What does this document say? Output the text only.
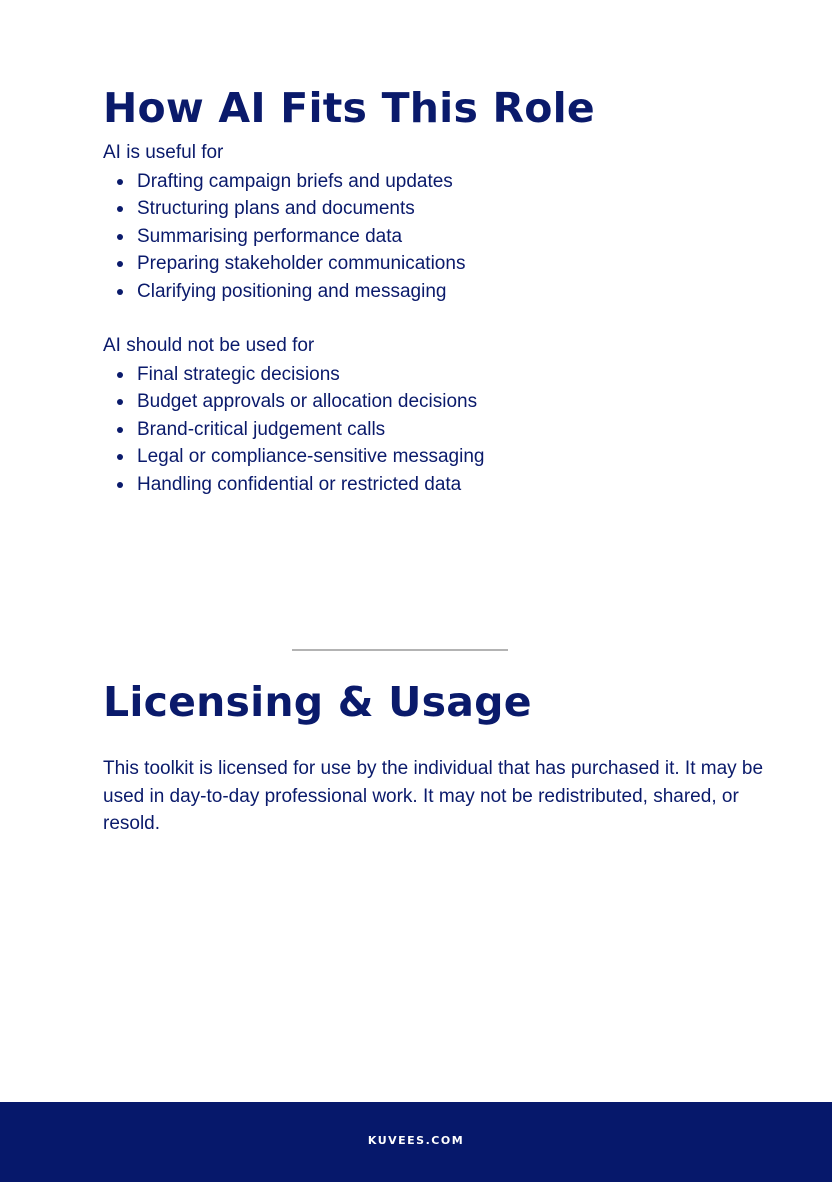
How AI Fits This Role

AI is useful for

Drafting campaign briefs and updates
Structuring plans and documents
Summarising performance data
Preparing stakeholder communications
Clarifying positioning and messaging

AI should not be used for

Final strategic decisions
Budget approvals or allocation decisions
Brand-critical judgement calls
Legal or compliance-sensitive messaging
Handling confidential or restricted data
Licensing & Usage

This toolkit is licensed for use by the individual that has purchased it. It may be used in day-to-day professional work. It may not be redistributed, shared, or resold.

KUVEES.COM
